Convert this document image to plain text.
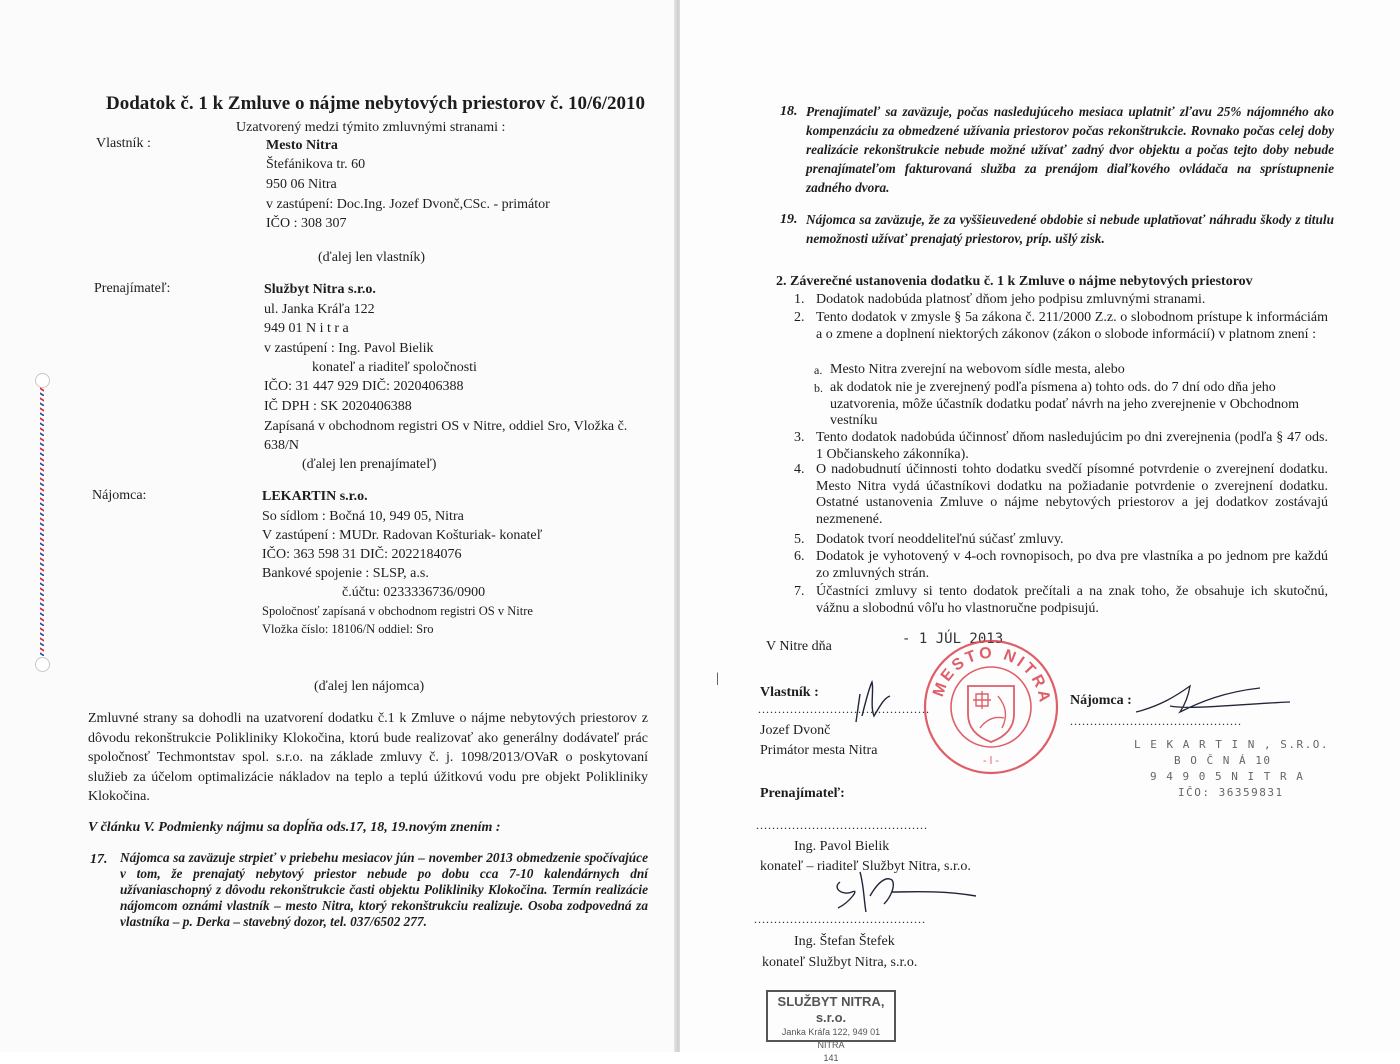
Dodatok č. 1 k Zmluve o nájme nebytových priestorov č. 10/6/2010
Uzatvorený medzi týmito zmluvnými stranami :
Vlastník :	Mesto Nitra
Štefánikova tr. 60
950 06 Nitra
v zastúpení: Doc.Ing. Jozef Dvonč,CSc. - primátor
IČO : 308 307
(ďalej len vlastník)
Prenajímateľ:	Službyt Nitra s.r.o.
ul. Janka Kráľa 122
949 01 N i t r a
v zastúpení : Ing. Pavol Bielik
konateľ a riaditeľ spoločnosti
IČO: 31 447 929 DIČ: 2020406388
IČ DPH : SK 2020406388
Zapísaná v obchodnom registri OS v Nitre, oddiel Sro, Vložka č.
638/N
(ďalej len prenajímateľ)
Nájomca:	LEKARTIN s.r.o.
So sídlom : Bočná 10, 949 05, Nitra
V zastúpení : MUDr. Radovan Košturiak- konateľ
IČO: 363 598 31 DIČ: 2022184076
Bankové spojenie : SLSP, a.s.
č.účtu: 0233336736/0900
Spoločnosť zapísaná v obchodnom registri OS v Nitre
Vložka číslo: 18106/N oddiel: Sro
(ďalej len nájomca)
Zmluvné strany sa dohodli na uzatvorení dodatku č.1 k Zmluve o nájme nebytových priestorov z dôvodu rekonštrukcie Polikliniky Klokočina, ktorú bude realizovať ako generálny dodávateľ prác spoločnosť Techmontstav spol. s.r.o. na základe zmluvy č. j. 1098/2013/OVaR o poskytovaní služieb za účelom optimalizácie nákladov na teplo a teplú úžitkovú vodu pre objekt Polikliniky Klokočina.
V článku V. Podmienky nájmu sa dopĺňa ods.17, 18, 19.novým znením :
17. Nájomca sa zaväzuje strpieť v priebehu mesiacov jún – november 2013 obmedzenie spočívajúce v tom, že prenajatý nebytový priestor nebude po dobu cca 7-10 kalendárnych dní užívaniaschopný z dôvodu rekonštrukcie časti objektu Polikliniky Klokočina. Termín realizácie nájomcom oznámi vlastník – mesto Nitra, ktorý rekonštrukciu realizuje. Osoba zodpovedná za vlastníka – p. Derka – stavebný dozor, tel. 037/6502 277.
18. Prenajímateľ sa zaväzuje, počas nasledujúceho mesiaca uplatniť zľavu 25% nájomného ako kompenzáciu za obmedzené užívania priestorov počas rekonštrukcie. Rovnako počas celej doby realizácie rekonštrukcie nebude možné užívať zadný dvor objektu a počas tejto doby nebude prenajímateľom fakturovaná služba za prenájom diaľkového ovládača na sprístupnenie zadného dvora.
19. Nájomca sa zaväzuje, že za vyššieuvedené obdobie si nebude uplatňovať náhradu škody z titulu nemožnosti užívať prenajatý priestorov, príp. ušlý zisk.
2. Záverečné ustanovenia dodatku č. 1 k Zmluve o nájme nebytových priestorov
1. Dodatok nadobúda platnosť dňom jeho podpisu zmluvnými stranami.
2. Tento dodatok v zmysle § 5a zákona č. 211/2000 Z.z. o slobodnom prístupe k informáciám a o zmene a doplnení niektorých zákonov (zákon o slobode informácií) v platnom znení :
a. Mesto Nitra zverejní na webovom sídle mesta, alebo
b. ak dodatok nie je zverejnený podľa písmena a) tohto ods. do 7 dní odo dňa jeho uzatvorenia, môže účastník dodatku podať návrh na jeho zverejnenie v Obchodnom vestníku
3. Tento dodatok nadobúda účinnosť dňom nasledujúcim po dni zverejnenia (podľa § 47 ods. 1 Občianskeho zákonníka).
4. O nadobudnutí účinnosti tohto dodatku svedčí písomné potvrdenie o zverejnení dodatku. Mesto Nitra vydá účastníkovi dodatku na požiadanie potvrdenie o zverejnení dodatku. Ostatné ustanovenia Zmluve o nájme nebytových priestorov a jej dodatkov zostávajú nezmenené.
5. Dodatok tvorí neoddeliteľnú súčasť zmluvy.
6. Dodatok je vyhotovený v 4-och rovnopisoch, po dva pre vlastníka a po jednom pre každú zo zmluvných strán.
7. Účastníci zmluvy si tento dodatok prečítali a na znak toho, že obsahuje ich skutočnú, vážnu a slobodnú vôľu ho vlastnoručne podpisujú.
V Nitre dňa	- 1 JÚL 2013
Vlastník :
...........................................
Jozef Dvonč
Primátor mesta Nitra
Nájomca :
...........................................
Prenajímateľ:
...........................................
Ing. Pavol Bielik
konateľ – riaditeľ Službyt Nitra, s.r.o.
...........................................
Ing. Štefan Štefek
konateľ Službyt Nitra, s.r.o.
MESTO NITRA
- l -
L E K A R T I N , S.R.O.
B O Č N Á 10
9 4 9 0 5 N I T R A
IČO: 36359831
SLUŽBYT NITRA, s.r.o.
Janka Kráľa 122, 949 01 NITRA
141
|
